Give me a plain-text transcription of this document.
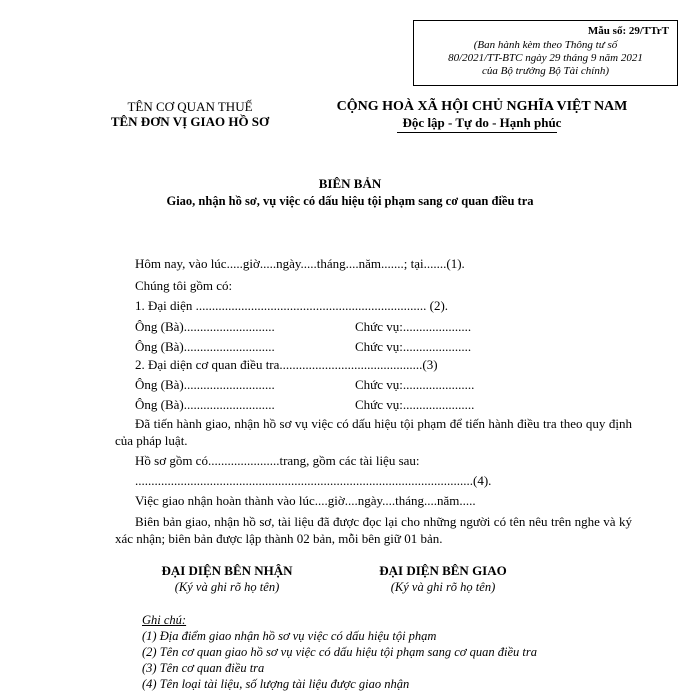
Mẫu số: 29/TTrT
(Ban hành kèm theo Thông tư số
80/2021/TT-BTC ngày 29 tháng 9 năm 2021
của Bộ trưởng Bộ Tài chính)
TÊN CƠ QUAN THUẾ
TÊN ĐƠN VỊ GIAO HỒ SƠ
CỘNG HOÀ XÃ HỘI CHỦ NGHĨA VIỆT NAM
Độc lập - Tự do - Hạnh phúc
BIÊN BẢN
Giao, nhận hồ sơ, vụ việc có dấu hiệu tội phạm sang cơ quan điều tra
Hôm nay, vào lúc.....giờ.....ngày.....tháng....năm.......; tại.......(1).
Chúng tôi gồm có:
1. Đại diện ....................................................................... (2).
Ông (Bà)............................	Chức vụ:.....................
Ông (Bà)............................	Chức vụ:.....................
2. Đại diện cơ quan điều tra............................................(3)
Ông (Bà)............................	Chức vụ:......................
Ông (Bà)............................	Chức vụ:......................
Đã tiến hành giao, nhận hồ sơ vụ việc có dấu hiệu tội phạm để tiến hành điều tra theo quy định của pháp luật.
Hồ sơ gồm có......................trang, gồm các tài liệu sau:
........................................................................................................(4).
Việc giao nhận hoàn thành vào lúc....giờ....ngày....tháng....năm.....
Biên bản giao, nhận hồ sơ, tài liệu đã được đọc lại cho những người có tên nêu trên nghe và ký xác nhận; biên bản được lập thành 02 bản, mỗi bên giữ 01 bản.
ĐẠI DIỆN BÊN NHẬN
(Ký và ghi rõ họ tên)
ĐẠI DIỆN BÊN GIAO
(Ký và ghi rõ họ tên)
Ghi chú:
(1) Địa điểm giao nhận hồ sơ vụ việc có dấu hiệu tội phạm
(2) Tên cơ quan giao hồ sơ vụ việc có dấu hiệu tội phạm sang cơ quan điều tra
(3) Tên cơ quan điều tra
(4) Tên loại tài liệu, số lượng tài liệu được giao nhận
